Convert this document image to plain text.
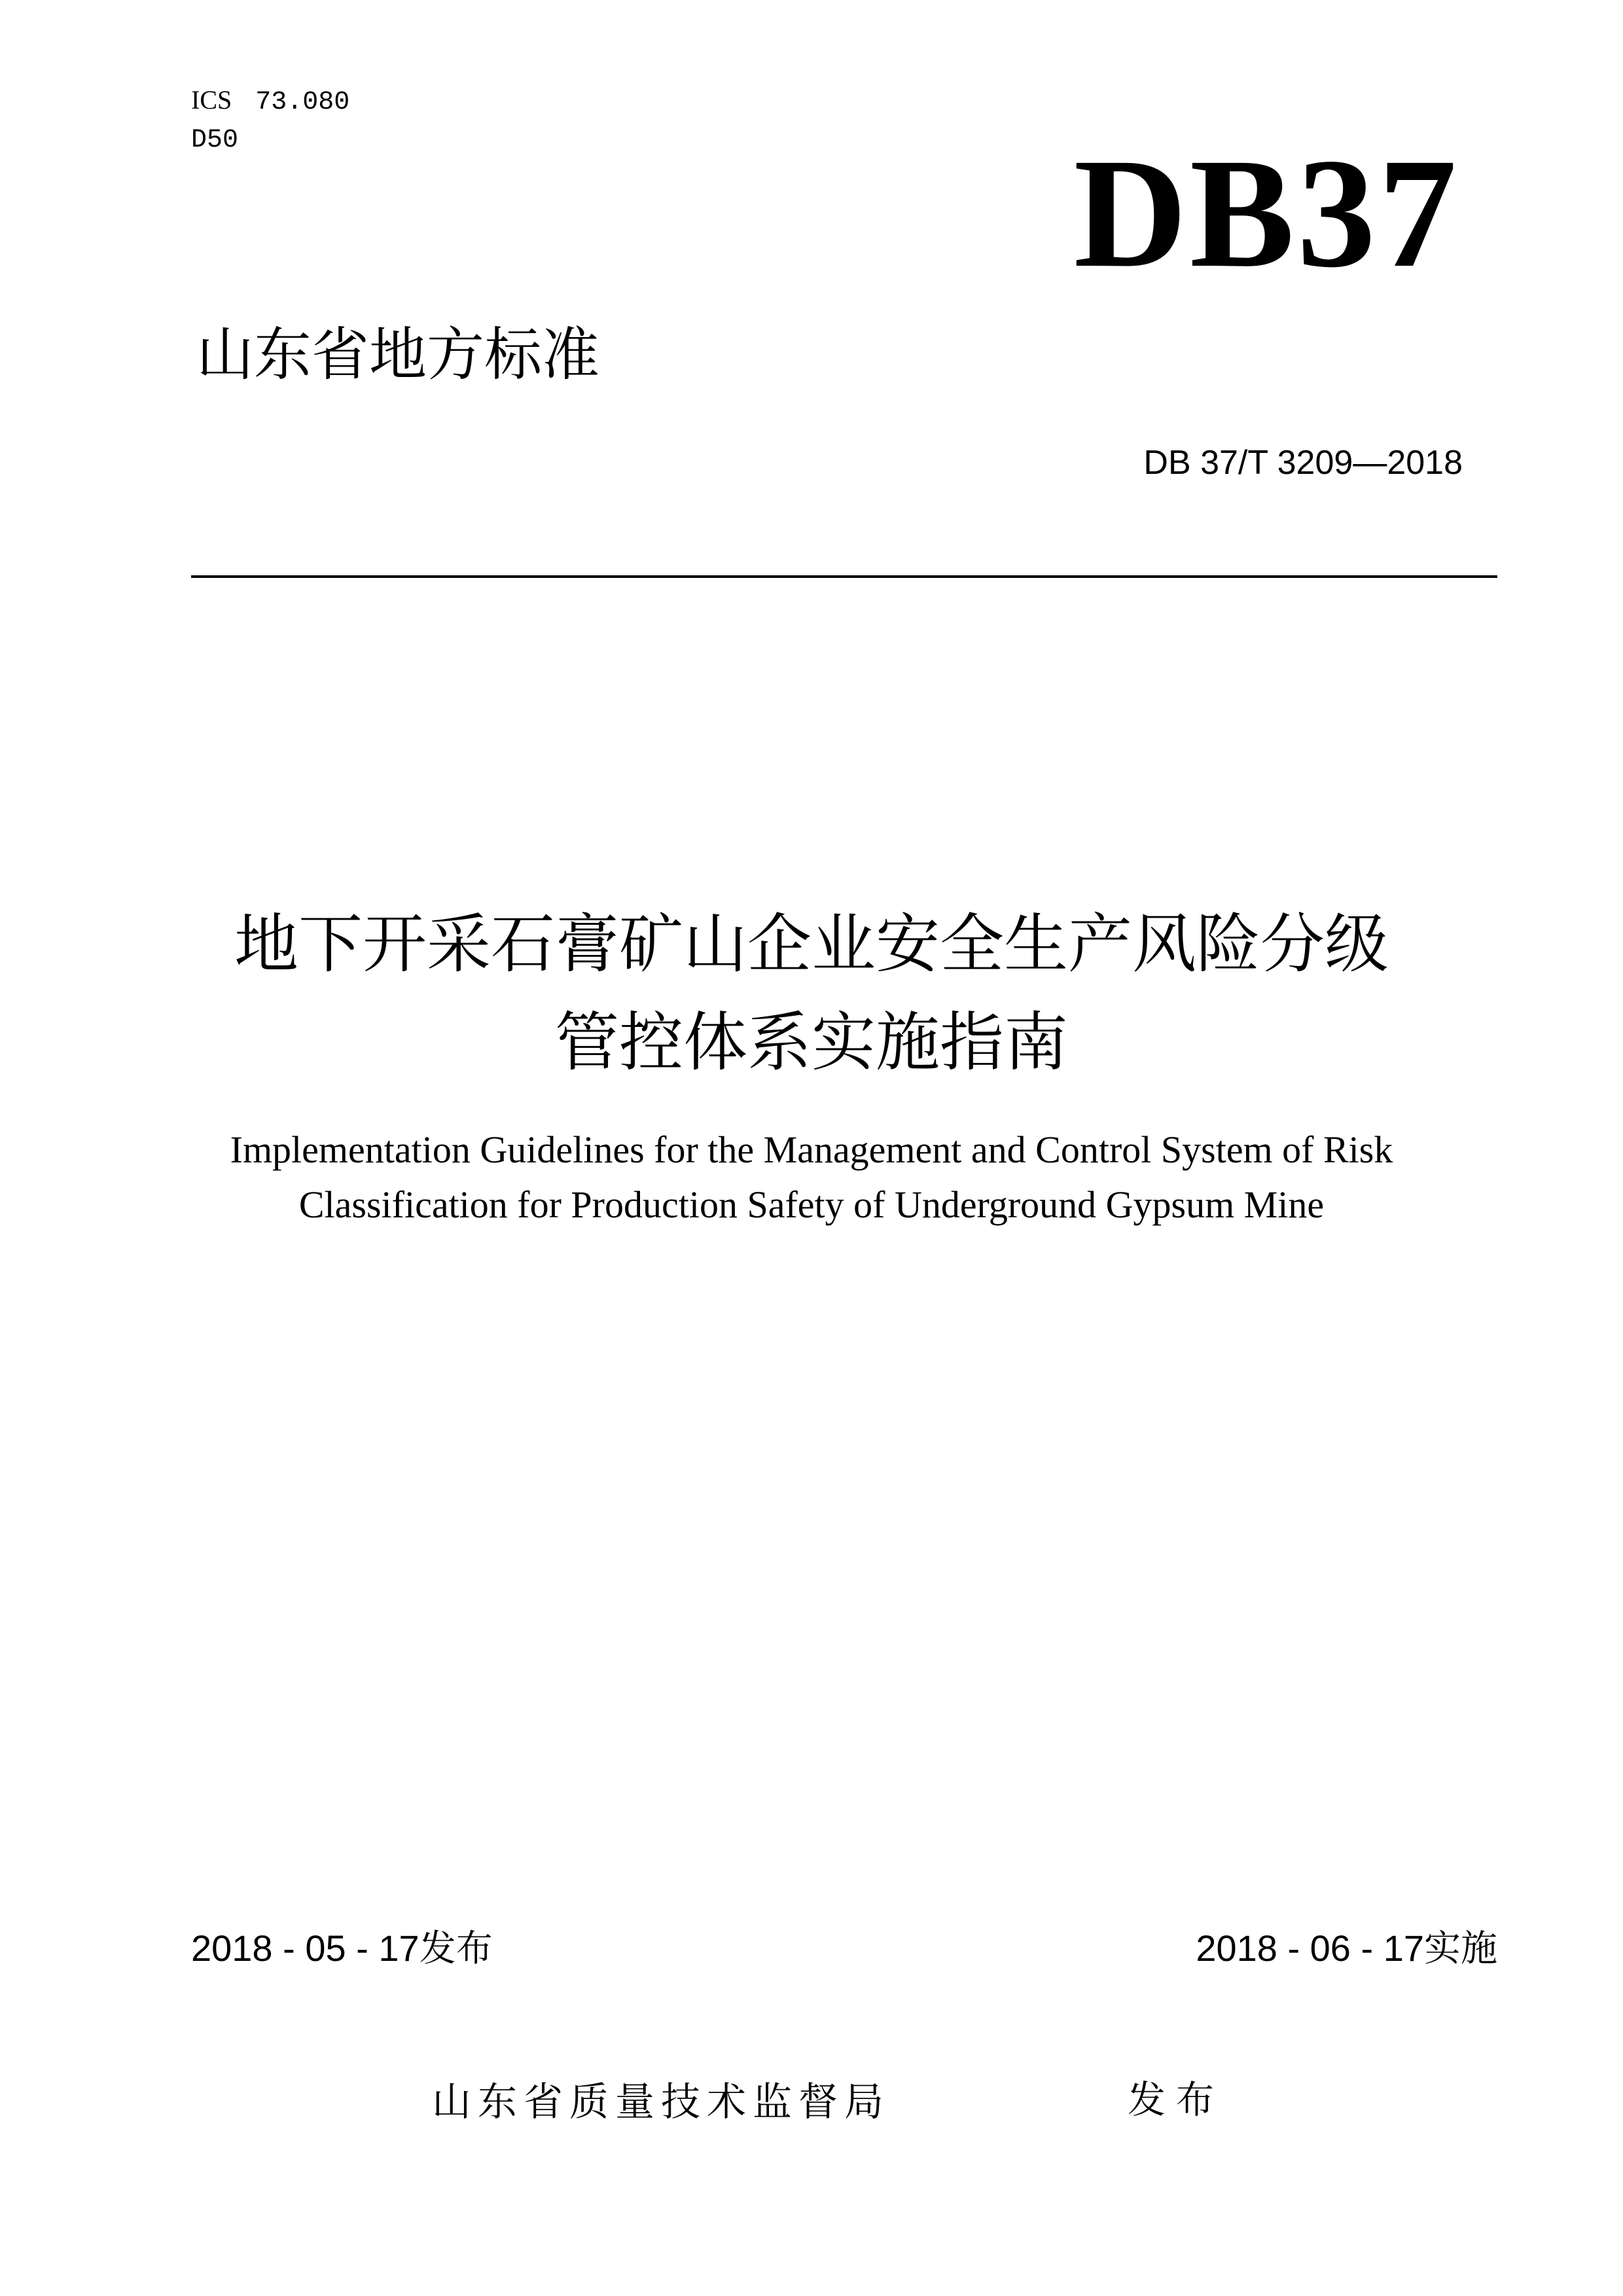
ICS 73.080
D50	DB37
山东省地方标准
DB 37/T 3209—2018
地下开采石膏矿山企业安全生产风险分级
管控体系实施指南
Implementation Guidelines for the Management and Control System of Risk
Classification for Production Safety of Underground Gypsum Mine
2018 - 05 - 17发布	2018 - 06 - 17实施
山东省质量技术监督局	发布
